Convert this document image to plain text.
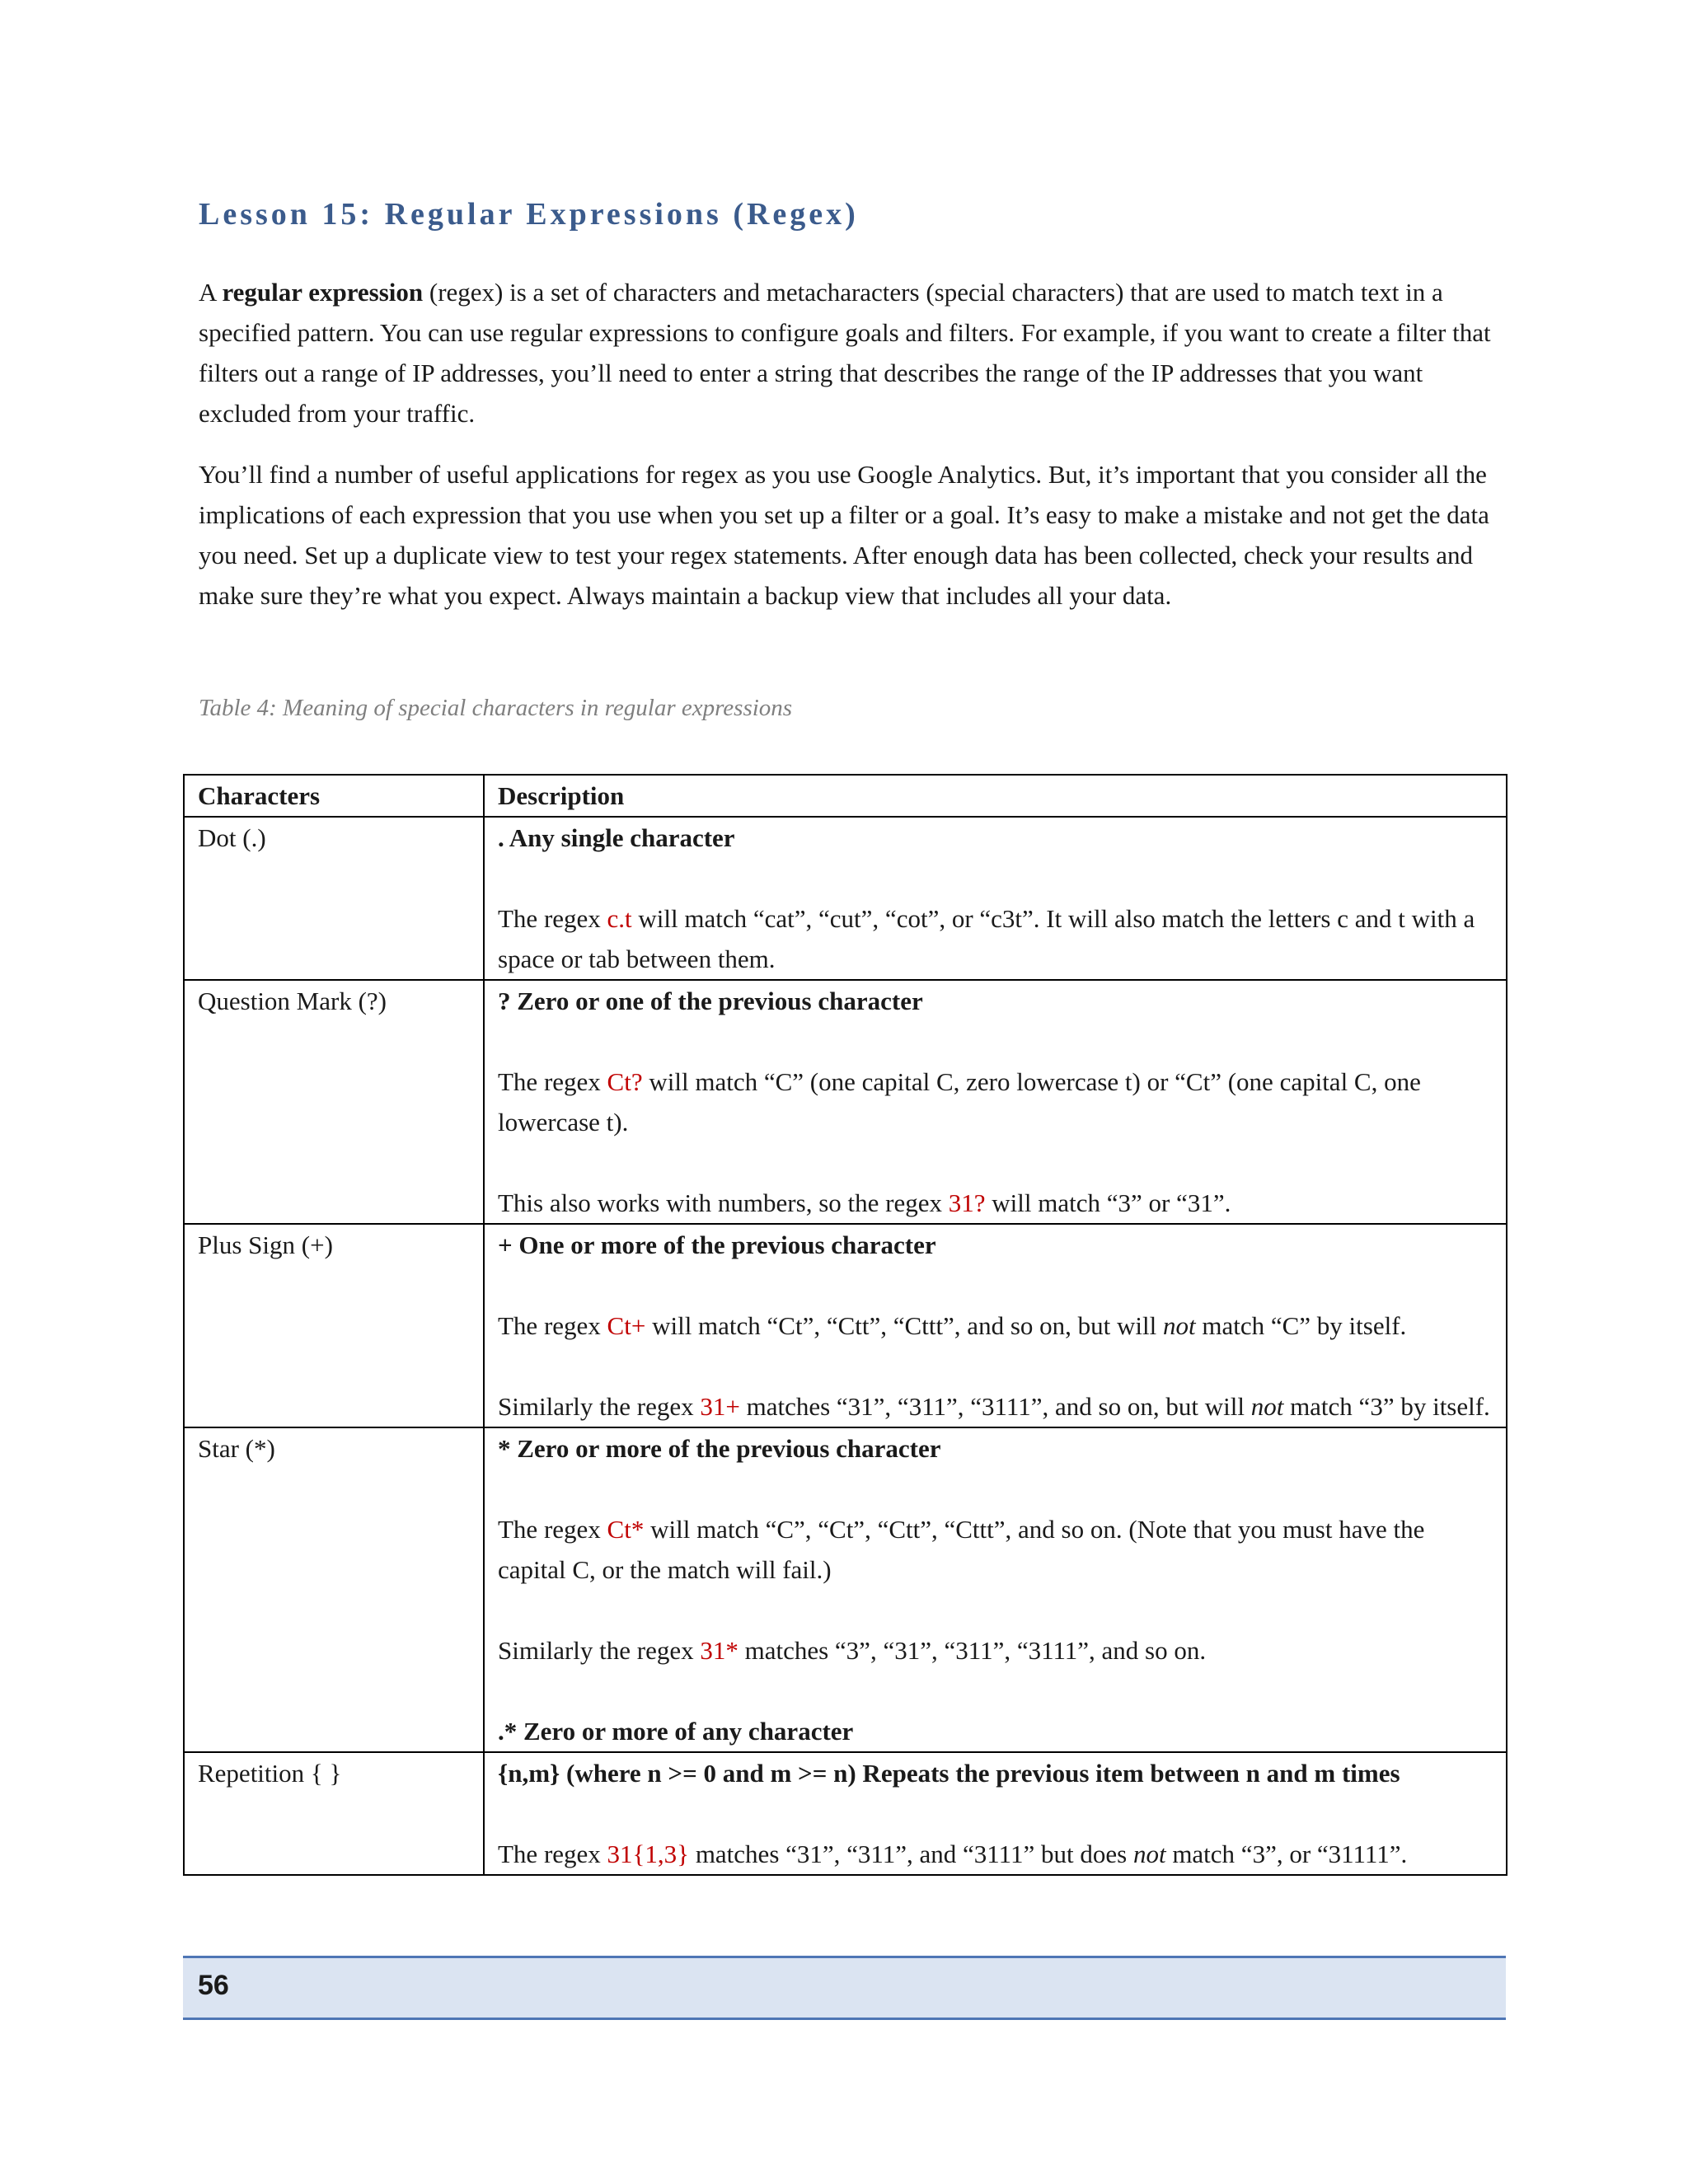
Lesson 15: Regular Expressions (Regex)

A regular expression (regex) is a set of characters and metacharacters (special characters) that are used to match text in a specified pattern. You can use regular expressions to configure goals and filters. For example, if you want to create a filter that filters out a range of IP addresses, you’ll need to enter a string that describes the range of the IP addresses that you want excluded from your traffic.

You’ll find a number of useful applications for regex as you use Google Analytics. But, it’s important that you consider all the implications of each expression that you use when you set up a filter or a goal. It’s easy to make a mistake and not get the data you need. Set up a duplicate view to test your regex statements. After enough data has been collected, check your results and make sure they’re what you expect. Always maintain a backup view that includes all your data.

Table 4: Meaning of special characters in regular expressions

Characters	Description
Dot (.)	. Any single character
The regex c.t will match “cat”, “cut”, “cot”, or “c3t”. It will also match the letters c and t with a space or tab between them.

Question Mark (?)	? Zero or one of the previous character
The regex Ct? will match “C” (one capital C, zero lowercase t) or “Ct” (one capital C, one lowercase t).
This also works with numbers, so the regex 31? will match “3” or “31”.

Plus Sign (+)	+ One or more of the previous character
The regex Ct+ will match “Ct”, “Ctt”, “Cttt”, and so on, but will not match “C” by itself.
Similarly the regex 31+ matches “31”, “311”, “3111”, and so on, but will not match “3” by itself.

Star (*)	* Zero or more of the previous character
The regex Ct* will match “C”, “Ct”, “Ctt”, “Cttt”, and so on. (Note that you must have the capital C, or the match will fail.)
Similarly the regex 31* matches “3”, “31”, “311”, “3111”, and so on.
.* Zero or more of any character

Repetition { }	{n,m} (where n >= 0 and m >= n) Repeats the previous item between n and m times
The regex 31{1,3} matches “31”, “311”, and “3111” but does not match “3”, or “31111”.
56
